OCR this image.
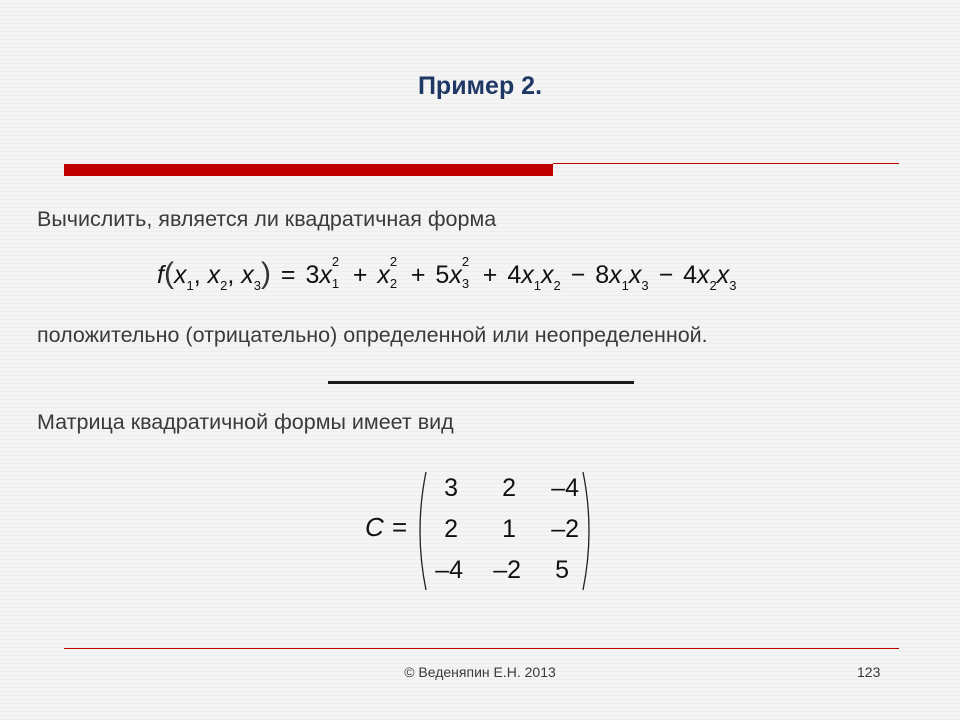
Пример 2.
Вычислить, является ли квадратичная форма
$f(x_1$, $x_2$, $x_3) = 3x$ 2
1 + x 2
2 + 5x 2
$3 + 4x_1x_2 - 8x_1x_3 - 4x_2x_3$
положительно (отрицательно) определенной или неопределенной.
Матрица квадратичной формы имеет вид
C =
3	2	–4
2	1	–2
–4	–2	5
© Веденяпин Е.Н. 2013	123
